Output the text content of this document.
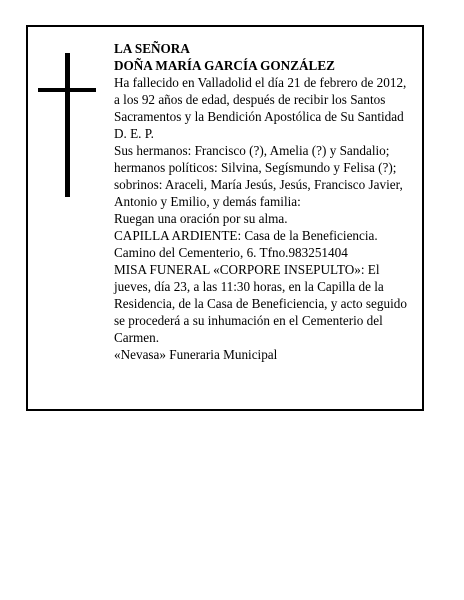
LA SEÑORA
DOÑA MARÍA GARCÍA GONZÁLEZ
Ha fallecido en Valladolid el día 21 de febrero de 2012,
a los 92 años de edad, después de recibir los Santos
Sacramentos y la Bendición Apostólica de Su Santidad
D. E. P.
Sus hermanos: Francisco (?), Amelia (?) y Sandalio;
hermanos políticos: Silvina, Segísmundo y Felisa (?);
sobrinos: Araceli, María Jesús, Jesús, Francisco Javier,
Antonio y Emilio, y demás familia:
Ruegan una oración por su alma.
CAPILLA ARDIENTE: Casa de la Beneficiencia.
Camino del Cementerio, 6. Tfno.983251404
MISA FUNERAL «CORPORE INSEPULTO»: El
jueves, día 23, a las 11:30 horas, en la Capilla de la
Residencia, de la Casa de Beneficiencia, y acto seguido
se procederá a su inhumación en el Cementerio del
Carmen.
«Nevasa» Funeraria Municipal
